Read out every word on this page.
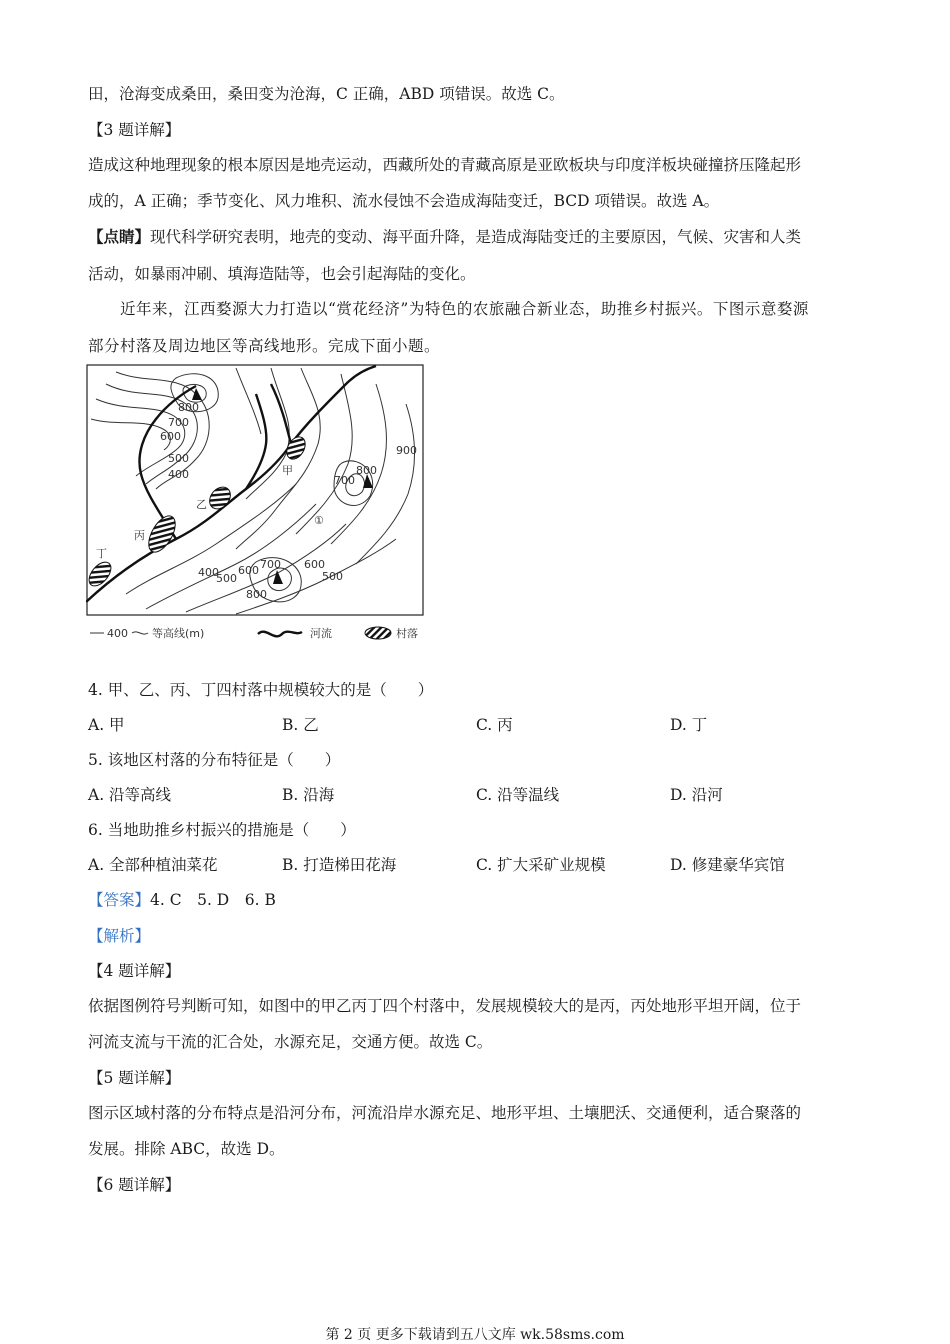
田，沧海变成桑田，桑田变为沧海，C 正确，ABD 项错误。故选 C。
【3 题详解】
造成这种地理现象的根本原因是地壳运动，西藏所处的青藏高原是亚欧板块与印度洋板块碰撞挤压隆起形
成的，A 正确；季节变化、风力堆积、流水侵蚀不会造成海陆变迁，BCD 项错误。故选 A。
【点睛】现代科学研究表明，地壳的变动、海平面升降，是造成海陆变迁的主要原因，气候、灾害和人类
活动，如暴雨冲刷、填海造陆等，也会引起海陆的变化。
近年来，江西婺源大力打造以“赏花经济”为特色的农旅融合新业态，助推乡村振兴。下图示意婺源
部分村落及周边地区等高线地形。完成下面小题。
800
700
600
500
400	800
700
900
400
500
600 700 600
500
800
甲
乙
丙
丁
①
400 等高线(m)	河流	村落
4. 甲、乙、丙、丁四村落中规模较大的是（　　）
A. 甲	B. 乙	C. 丙	D. 丁
5. 该地区村落的分布特征是（　　）
A. 沿等高线	B. 沿海	C. 沿等温线	D. 沿河
6. 当地助推乡村振兴的措施是（　　）
A. 全部种植油菜花	B. 打造梯田花海	C. 扩大采矿业规模	D. 修建豪华宾馆
【答案】4. C　5. D　6. B
【解析】
【4 题详解】
依据图例符号判断可知，如图中的甲乙丙丁四个村落中，发展规模较大的是丙，丙处地形平坦开阔，位于
河流支流与干流的汇合处，水源充足，交通方便。故选 C。
【5 题详解】
图示区域村落的分布特点是沿河分布，河流沿岸水源充足、地形平坦、土壤肥沃、交通便利，适合聚落的
发展。排除 ABC，故选 D。
【6 题详解】
第 2 页 更多下载请到五八文库 wk.58sms.com
